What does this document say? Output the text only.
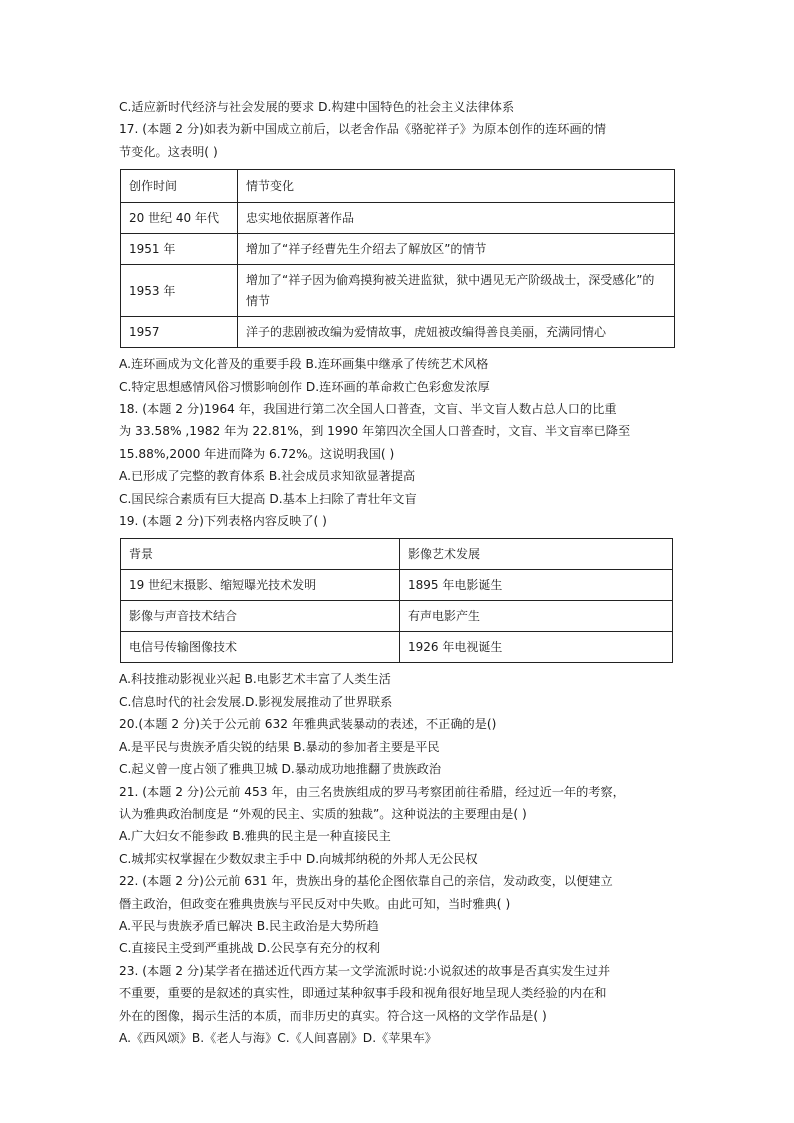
C.适应新时代经济与社会发展的要求 D.构建中国特色的社会主义法律体系
17. (本题 2 分)如表为新中国成立前后，以老舍作品《骆驼祥子》为原本创作的连环画的情
节变化。这表明( )
创作时间	情节变化
20 世纪 40 年代	忠实地依据原著作品
1951 年	增加了“祥子经曹先生介绍去了解放区”的情节
1953 年	增加了“祥子因为偷鸡摸狗被关进监狱，狱中遇见无产阶级战士，深受感化”的情节
1957	洋子的悲剧被改编为爱情故事，虎妞被改编得善良美丽，充满同情心
A.连环画成为文化普及的重要手段 B.连环画集中继承了传统艺术风格
C.特定思想感情风俗习惯影响创作 D.连环画的革命救亡色彩愈发浓厚
18. (本题 2 分)1964 年，我国进行第二次全国人口普查，文盲、半文盲人数占总人口的比重
为 33.58% ,1982 年为 22.81%，到 1990 年第四次全国人口普查时，文盲、半文盲率已降至
15.88%,2000 年进而降为 6.72%。这说明我国( )
A.已形成了完整的教育体系 B.社会成员求知欲显著提高
C.国民综合素质有巨大提高 D.基本上扫除了青壮年文盲
19. (本题 2 分)下列表格内容反映了( )
背景	影像艺术发展
19 世纪末摄影、缩短曝光技术发明	1895 年电影诞生
影像与声音技术结合	有声电影产生
电信号传输图像技术	1926 年电视诞生
A.科技推动影视业兴起 B.电影艺术丰富了人类生活
C.信息时代的社会发展.D.影视发展推动了世界联系
20.(本题 2 分)关于公元前 632 年雅典武装暴动的表述，不正确的是()
A.是平民与贵族矛盾尖锐的结果 B.暴动的参加者主要是平民
C.起义曾一度占领了雅典卫城 D.暴动成功地推翻了贵族政治
21. (本题 2 分)公元前 453 年，由三名贵族组成的罗马考察团前往希腊，经过近一年的考察，
认为雅典政治制度是 “外观的民主、实质的独裁”。这种说法的主要理由是( )
A.广大妇女不能参政 B.雅典的民主是一种直接民主
C.城邦实权掌握在少数奴隶主手中 D.向城邦纳税的外邦人无公民权
22. (本题 2 分)公元前 631 年，贵族出身的基伦企图依靠自己的亲信，发动政变，以便建立
僭主政治，但政变在雅典贵族与平民反对中失败。由此可知，当时雅典( )
A.平民与贵族矛盾已解决 B.民主政治是大势所趋
C.直接民主受到严重挑战 D.公民享有充分的权利
23. (本题 2 分)某学者在描述近代西方某一文学流派时说:小说叙述的故事是否真实发生过并
不重要，重要的是叙述的真实性，即通过某种叙事手段和视角很好地呈现人类经验的内在和
外在的图像，揭示生活的本质，而非历史的真实。符合这一风格的文学作品是( )
A.《西风颂》B.《老人与海》C.《人间喜剧》D.《苹果车》
